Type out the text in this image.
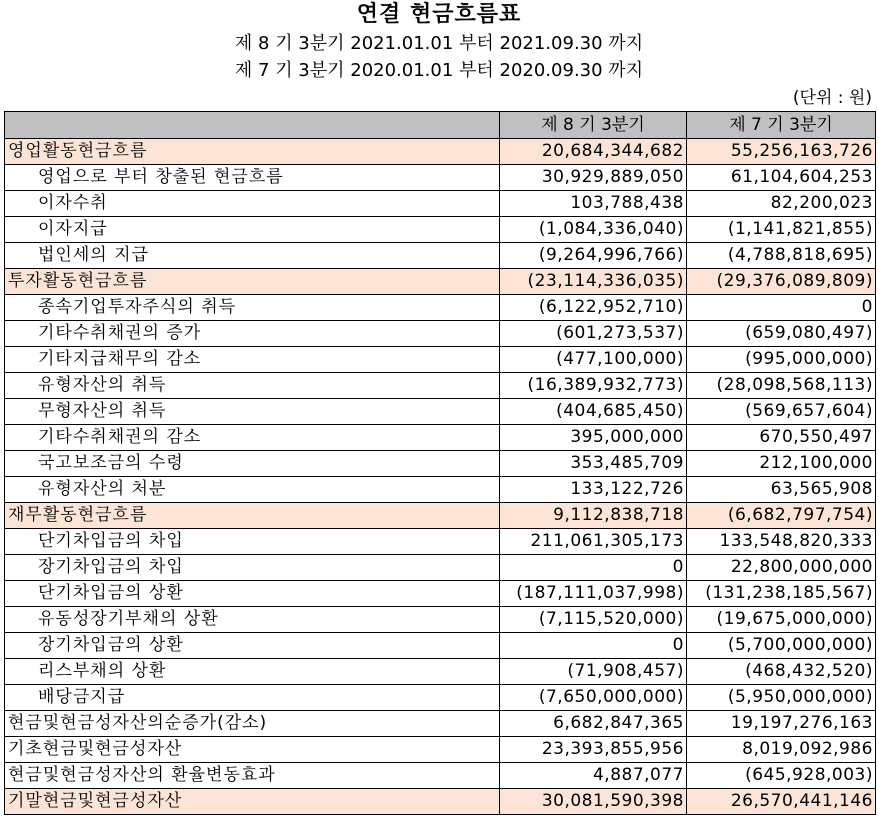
연결 현금흐름표
제 8 기 3분기 2021.01.01 부터 2021.09.30 까지
제 7 기 3분기 2020.01.01 부터 2020.09.30 까지
(단위 : 원)
	제 8 기 3분기	제 7 기 3분기
영업활동현금흐름	20,684,344,682	55,256,163,726
영업으로 부터 창출된 현금흐름	30,929,889,050	61,104,604,253
이자수취	103,788,438	82,200,023
이자지급	(1,084,336,040)	(1,141,821,855)
법인세의 지급	(9,264,996,766)	(4,788,818,695)
투자활동현금흐름	(23,114,336,035)	(29,376,089,809)
종속기업투자주식의 취득	(6,122,952,710)	0
기타수취채권의 증가	(601,273,537)	(659,080,497)
기타지급채무의 감소	(477,100,000)	(995,000,000)
유형자산의 취득	(16,389,932,773)	(28,098,568,113)
무형자산의 취득	(404,685,450)	(569,657,604)
기타수취채권의 감소	395,000,000	670,550,497
국고보조금의 수령	353,485,709	212,100,000
유형자산의 처분	133,122,726	63,565,908
재무활동현금흐름	9,112,838,718	(6,682,797,754)
단기차입금의 차입	211,061,305,173	133,548,820,333
장기차입금의 차입	0	22,800,000,000
단기차입금의 상환	(187,111,037,998)	(131,238,185,567)
유동성장기부채의 상환	(7,115,520,000)	(19,675,000,000)
장기차입금의 상환	0	(5,700,000,000)
리스부채의 상환	(71,908,457)	(468,432,520)
배당금지급	(7,650,000,000)	(5,950,000,000)
현금및현금성자산의순증가(감소)	6,682,847,365	19,197,276,163
기초현금및현금성자산	23,393,855,956	8,019,092,986
현금및현금성자산의 환율변동효과	4,887,077	(645,928,003)
기말현금및현금성자산	30,081,590,398	26,570,441,146
